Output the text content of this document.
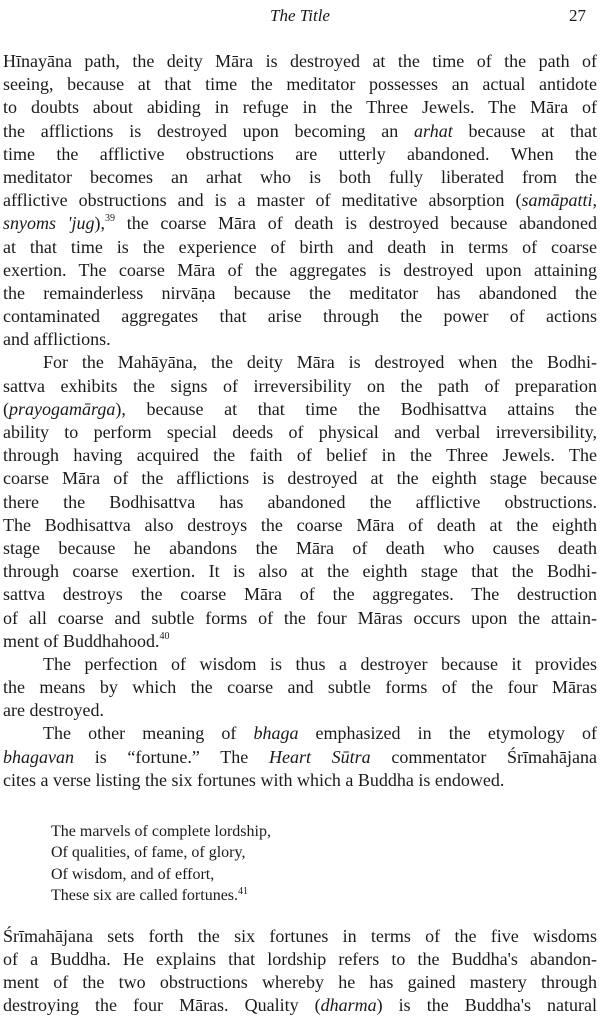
The Title	27
Hīnayāna path, the deity Māra is destroyed at the time of the path of
seeing, because at that time the meditator possesses an actual antidote
to doubts about abiding in refuge in the Three Jewels. The Māra of
the afflictions is destroyed upon becoming an arhat because at that
time the afflictive obstructions are utterly abandoned. When the
meditator becomes an arhat who is both fully liberated from the
afflictive obstructions and is a master of meditative absorption (samāpatti,
snyoms 'jug),$^{39}$ the coarse Māra of death is destroyed because abandoned
at that time is the experience of birth and death in terms of coarse
exertion. The coarse Māra of the aggregates is destroyed upon attaining
the remainderless nirvāṇa because the meditator has abandoned the
contaminated aggregates that arise through the power of actions
and afflictions.
For the Mahāyāna, the deity Māra is destroyed when the Bodhi-
sattva exhibits the signs of irreversibility on the path of preparation
(prayogamārga), because at that time the Bodhisattva attains the
ability to perform special deeds of physical and verbal irreversibility,
through having acquired the faith of belief in the Three Jewels. The
coarse Māra of the afflictions is destroyed at the eighth stage because
there the Bodhisattva has abandoned the afflictive obstructions.
The Bodhisattva also destroys the coarse Māra of death at the eighth
stage because he abandons the Māra of death who causes death
through coarse exertion. It is also at the eighth stage that the Bodhi-
sattva destroys the coarse Māra of the aggregates. The destruction
of all coarse and subtle forms of the four Māras occurs upon the attain-
ment of Buddhahood.$^{40}$
The perfection of wisdom is thus a destroyer because it provides
the means by which the coarse and subtle forms of the four Māras
are destroyed.
The other meaning of bhaga emphasized in the etymology of
bhagavan is “fortune.” The Heart Sūtra commentator Śrīmahājana
cites a verse listing the six fortunes with which a Buddha is endowed.
The marvels of complete lordship,
Of qualities, of fame, of glory,
Of wisdom, and of effort,
These six are called fortunes.$^{41}$
Śrīmahājana sets forth the six fortunes in terms of the five wisdoms
of a Buddha. He explains that lordship refers to the Buddha's abandon-
ment of the two obstructions whereby he has gained mastery through
destroying the four Māras. Quality (dharma) is the Buddha's natural
